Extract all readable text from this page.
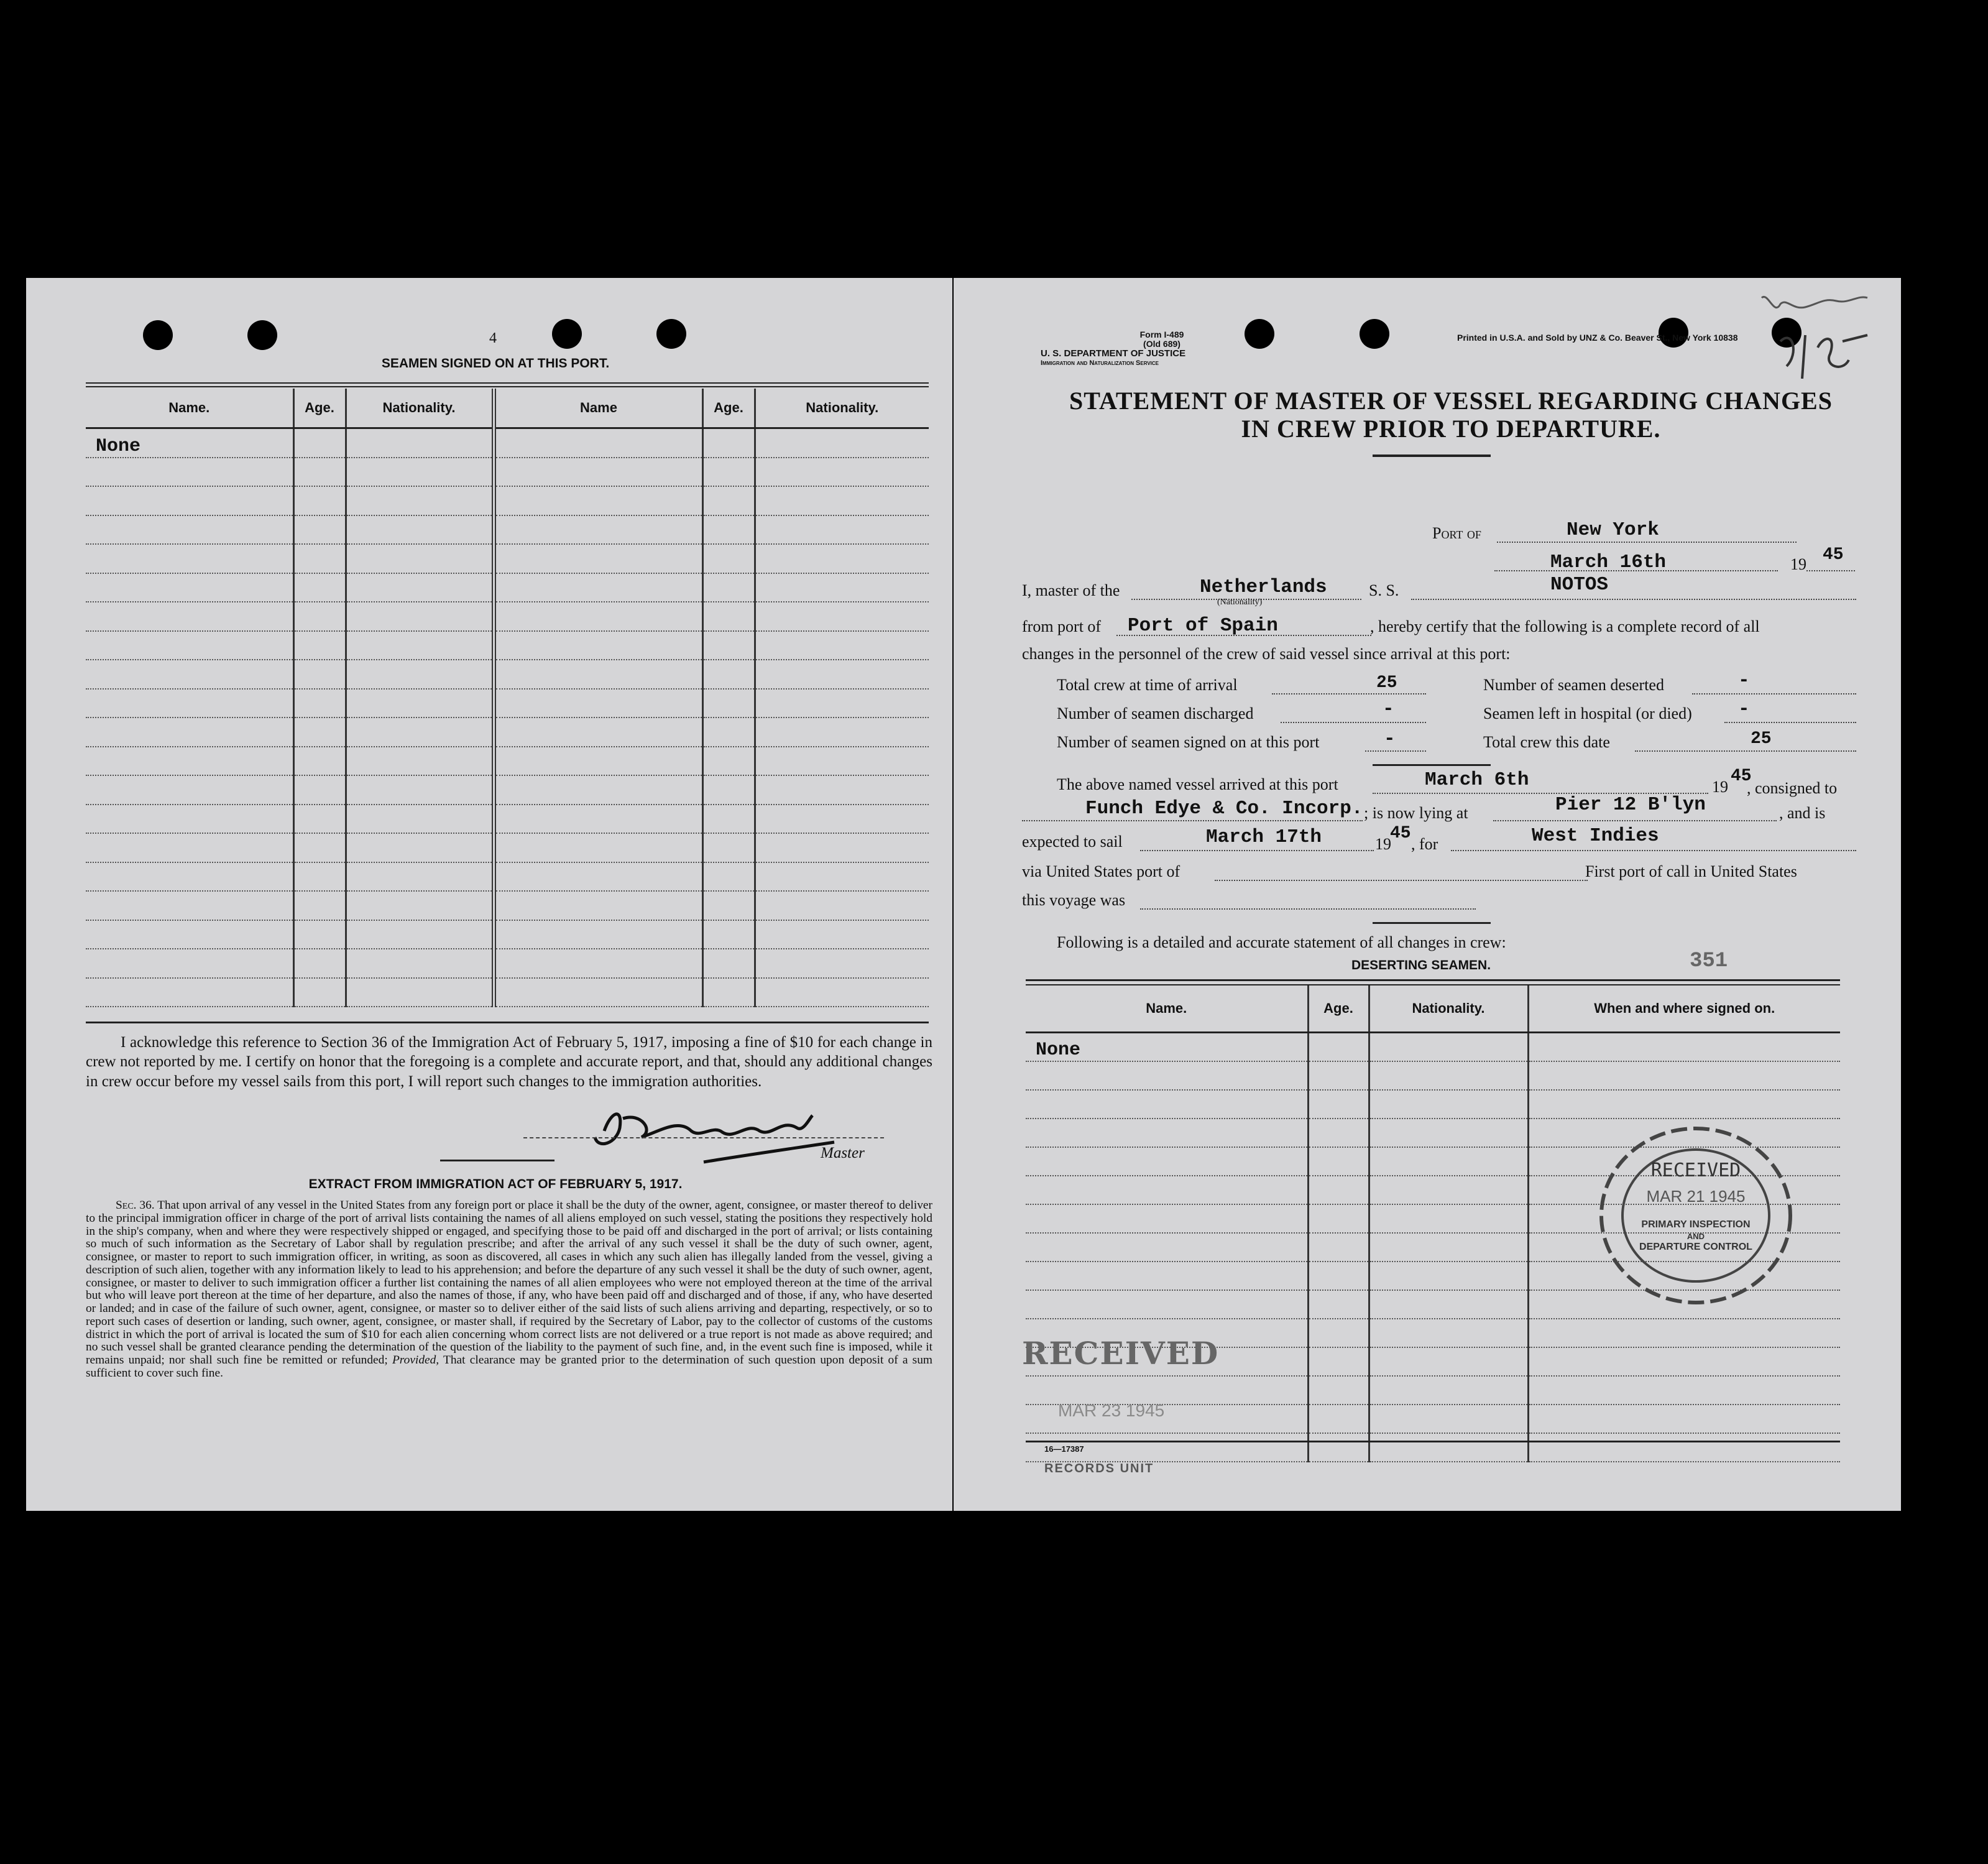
4
SEAMEN SIGNED ON AT THIS PORT.
Name.	Age.	Nationality.	Name	Age.	Nationality.
None					

I acknowledge this reference to Section 36 of the Immigration Act of February 5, 1917, imposing a fine of $10 for each change in crew not reported by me. I certify on honor that the foregoing is a complete and accurate report, and that, should any additional changes in crew occur before my vessel sails from this port, I will report such changes to the immigration authorities.
Master
EXTRACT FROM IMMIGRATION ACT OF FEBRUARY 5, 1917.
Sec. 36. That upon arrival of any vessel in the United States from any foreign port or place it shall be the duty of the owner, agent, consignee, or master thereof to deliver to the principal immigration officer in charge of the port of arrival lists containing the names of all aliens employed on such vessel, stating the positions they respectively hold in the ship's company, when and where they were respectively shipped or engaged, and specifying those to be paid off and discharged in the port of arrival; or lists containing so much of such information as the Secretary of Labor shall by regulation prescribe; and after the arrival of any such vessel it shall be the duty of such owner, agent, consignee, or master to report to such immigration officer, in writing, as soon as discovered, all cases in which any such alien has illegally landed from the vessel, giving a description of such alien, together with any information likely to lead to his apprehension; and before the departure of any such vessel it shall be the duty of such owner, agent, consignee, or master to deliver to such immigration officer a further list containing the names of all alien employees who were not employed thereon at the time of the arrival but who will leave port thereon at the time of her departure, and also the names of those, if any, who have been paid off and discharged and of those, if any, who have deserted or landed; and in case of the failure of such owner, agent, consignee, or master so to deliver either of the said lists of such aliens arriving and departing, respectively, or so to report such cases of desertion or landing, such owner, agent, consignee, or master shall, if required by the Secretary of Labor, pay to the collector of customs of the customs district in which the port of arrival is located the sum of $10 for each alien concerning whom correct lists are not delivered or a true report is not made as above required; and no such vessel shall be granted clearance pending the determination of the question of the liability to the payment of such fine, and, in the event such fine is imposed, while it remains unpaid; nor shall such fine be remitted or refunded; Provided, That clearance may be granted prior to the determination of such question upon deposit of a sum sufficient to cover such fine.
Form I-489
(Old 689)
U. S. DEPARTMENT OF JUSTICE
Immigration and Naturalization Service
Printed in U.S.A. and Sold by UNZ & Co. Beaver St., New York 10838
STATEMENT OF MASTER OF VESSEL REGARDING CHANGES
IN CREW PRIOR TO DEPARTURE.
Port of	New York
March 16th	19 45
I, master of the	Netherlands
(Nationality)
S. S.	NOTOS
from port of Port of Spain	, hereby certify that the following is a complete record of all
changes in the personnel of the crew of said vessel since arrival at this port:
Total crew at time of arrival	25	Number of seamen deserted	-
Number of seamen discharged	-	Seamen left in hospital (or died) -
Number of seamen signed on at this port	-	Total crew this date	25
The above named vessel arrived at this port	March 6th	19
45
, consigned to
Funch Edye & Co. Incorp. ; is now lying at	Pier 12 B'lyn	, and is
expected to sail	March 17th	19
45
, for	West Indies
via United States port of	First port of call in United States
this voyage was
Following is a detailed and accurate statement of all changes in crew:
DESERTING SEAMEN.	351
Name.	Age.	Nationality.	When and where signed on.
None			

RECEIVED
MAR 23 1945
16—17387
RECORDS UNIT
RECEIVED
MAR 21 1945
PRIMARY INSPECTION
AND
DEPARTURE CONTROL
